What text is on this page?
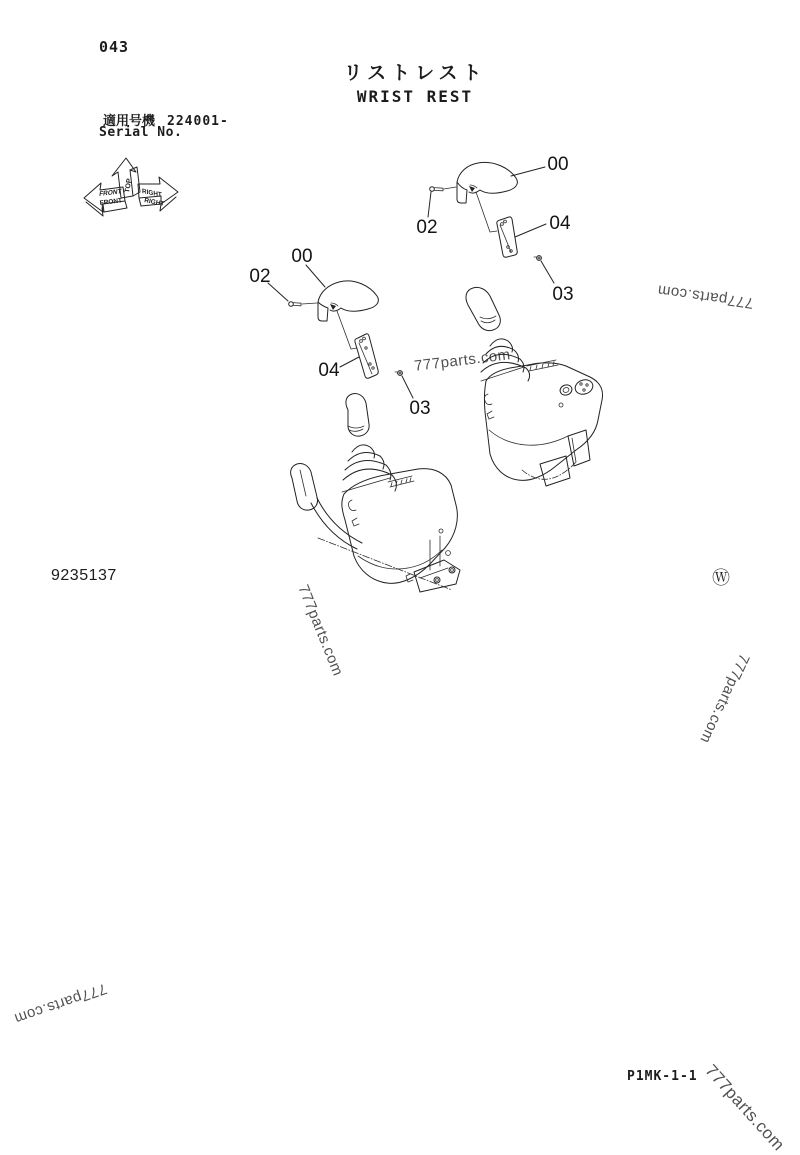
043
リストレスト
WRIST REST
適用号機 224001-
Serial No.
9235137	Ⓦ
P1MK-1-1
777parts.com
777parts.com
777parts.com
777parts.com
777parts.com
777parts.com
TOP
FRONT
FRONT
RIGHT
RIGHT
02
00
04
03
00
02
04
03
